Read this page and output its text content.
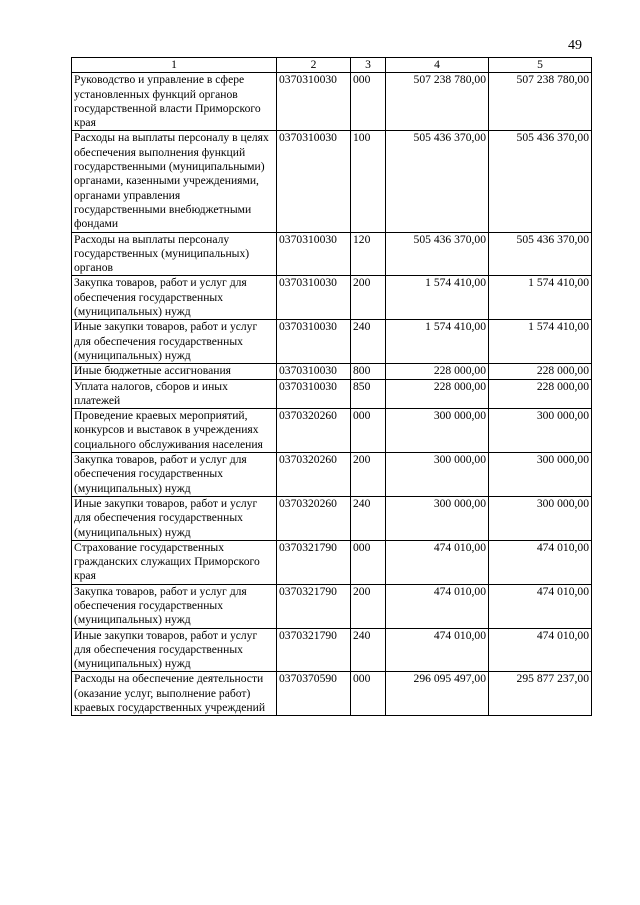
49
1	2	3	4	5
Руководство и управление в сфере установленных функций органов государственной власти Приморского края	0370310030	000	507 238 780,00	507 238 780,00
Расходы на выплаты персоналу в целях обеспечения выполнения функций государственными (муниципальными) органами, казенными учреждениями, органами управления государственными внебюджетными фондами	0370310030	100	505 436 370,00	505 436 370,00
Расходы на выплаты персоналу государственных (муниципальных) органов	0370310030	120	505 436 370,00	505 436 370,00
Закупка товаров, работ и услуг для обеспечения государственных (муниципальных) нужд	0370310030	200	1 574 410,00	1 574 410,00
Иные закупки товаров, работ и услуг для обеспечения государственных (муниципальных) нужд	0370310030	240	1 574 410,00	1 574 410,00
Иные бюджетные ассигнования	0370310030	800	228 000,00	228 000,00
Уплата налогов, сборов и иных платежей	0370310030	850	228 000,00	228 000,00
Проведение краевых мероприятий, конкурсов и выставок в учреждениях социального обслуживания населения	0370320260	000	300 000,00	300 000,00
Закупка товаров, работ и услуг для обеспечения государственных (муниципальных) нужд	0370320260	200	300 000,00	300 000,00
Иные закупки товаров, работ и услуг для обеспечения государственных (муниципальных) нужд	0370320260	240	300 000,00	300 000,00
Страхование государственных гражданских служащих Приморского края	0370321790	000	474 010,00	474 010,00
Закупка товаров, работ и услуг для обеспечения государственных (муниципальных) нужд	0370321790	200	474 010,00	474 010,00
Иные закупки товаров, работ и услуг для обеспечения государственных (муниципальных) нужд	0370321790	240	474 010,00	474 010,00
Расходы на обеспечение деятельности (оказание услуг, выполнение работ) краевых государственных учреждений	0370370590	000	296 095 497,00	295 877 237,00
